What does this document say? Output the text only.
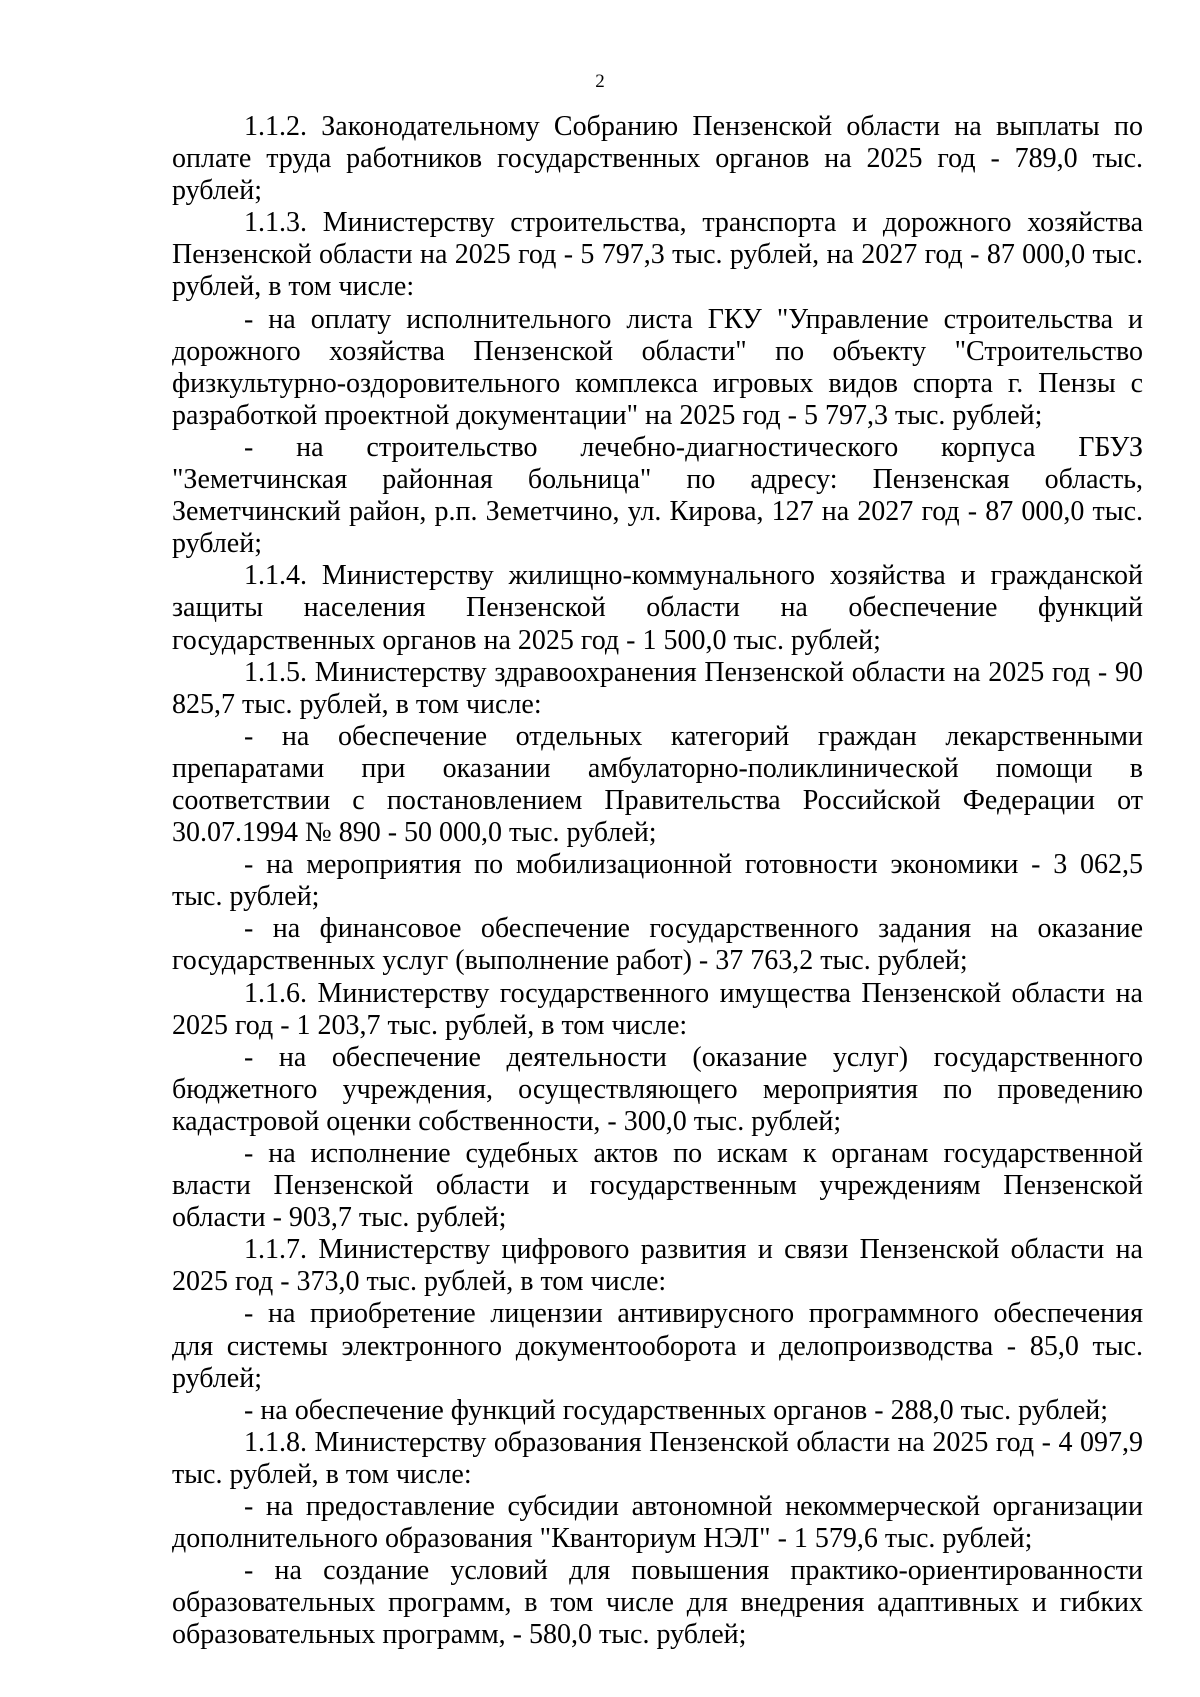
2

1.1.2. Законодательному Собранию Пензенской области на выплаты по оплате труда работников государственных органов на 2025 год - 789,0 тыс. рублей;

1.1.3. Министерству строительства, транспорта и дорожного хозяйства Пензенской области на 2025 год - 5 797,3 тыс. рублей, на 2027 год - 87 000,0 тыс. рублей, в том числе:

- на оплату исполнительного листа ГКУ "Управление строительства и дорожного хозяйства Пензенской области" по объекту "Строительство физкультурно-оздоровительного комплекса игровых видов спорта г. Пензы с разработкой проектной документации" на 2025 год - 5 797,3 тыс. рублей;

- на строительство лечебно-диагностического корпуса ГБУЗ "Земетчинская районная больница" по адресу: Пензенская область, Земетчинский район, р.п. Земетчино, ул. Кирова, 127 на 2027 год - 87 000,0 тыс. рублей;

1.1.4. Министерству жилищно-коммунального хозяйства и гражданской защиты населения Пензенской области на обеспечение функций государственных органов на 2025 год - 1 500,0 тыс. рублей;

1.1.5. Министерству здравоохранения Пензенской области на 2025 год - 90 825,7 тыс. рублей, в том числе:

- на обеспечение отдельных категорий граждан лекарственными препаратами при оказании амбулаторно-поликлинической помощи в соответствии с постановлением Правительства Российской Федерации от 30.07.1994 № 890 - 50 000,0 тыс. рублей;

- на мероприятия по мобилизационной готовности экономики - 3 062,5 тыс. рублей;

- на финансовое обеспечение государственного задания на оказание государственных услуг (выполнение работ) - 37 763,2 тыс. рублей;

1.1.6. Министерству государственного имущества Пензенской области на 2025 год - 1 203,7 тыс. рублей, в том числе:

- на обеспечение деятельности (оказание услуг) государственного бюджетного учреждения, осуществляющего мероприятия по проведению кадастровой оценки собственности, - 300,0 тыс. рублей;

- на исполнение судебных актов по искам к органам государственной власти Пензенской области и государственным учреждениям Пензенской области - 903,7 тыс. рублей;

1.1.7. Министерству цифрового развития и связи Пензенской области на 2025 год - 373,0 тыс. рублей, в том числе:

- на приобретение лицензии антивирусного программного обеспечения для системы электронного документооборота и делопроизводства - 85,0 тыс. рублей;

- на обеспечение функций государственных органов - 288,0 тыс. рублей;

1.1.8. Министерству образования Пензенской области на 2025 год - 4 097,9 тыс. рублей, в том числе:

- на предоставление субсидии автономной некоммерческой организации дополнительного образования "Кванториум НЭЛ" - 1 579,6 тыс. рублей;

- на создание условий для повышения практико-ориентированности образовательных программ, в том числе для внедрения адаптивных и гибких образовательных программ, - 580,0 тыс. рублей;
